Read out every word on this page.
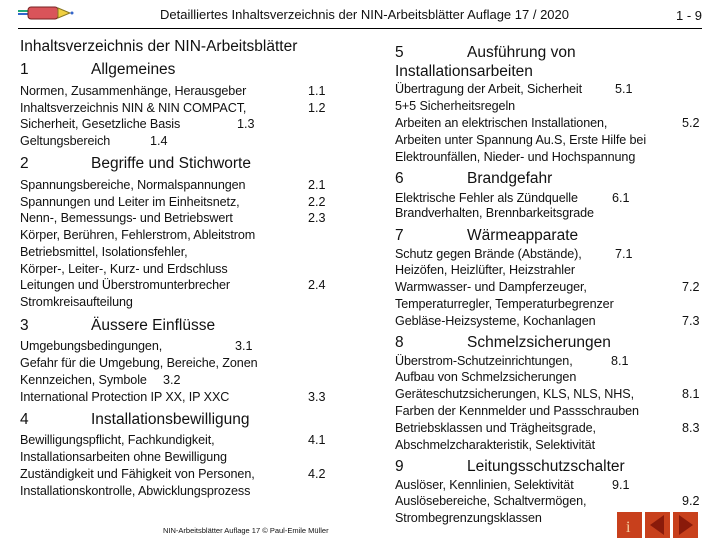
Detailliertes Inhaltsverzeichnis der NIN-Arbeitsblätter Auflage 17 / 2020	1 - 9
Inhaltsverzeichnis der NIN-Arbeitsblätter
1	Allgemeines
Normen, Zusammenhänge, Herausgeber	1.1
Inhaltsverzeichnis NIN & NIN COMPACT,	1.2
Sicherheit, Gesetzliche Basis	1.3
Geltungsbereich	1.4
2	Begriffe und Stichworte
Spannungsbereiche, Normalspannungen	2.1
Spannungen und Leiter im Einheitsnetz,	2.2
Nenn-, Bemessungs- und Betriebswert	2.3
Körper, Berühren, Fehlerstrom, Ableitstrom
Betriebsmittel, Isolationsfehler,
Körper-, Leiter-, Kurz- und Erdschluss
Leitungen und Überstromunterbrecher	2.4
Stromkreisaufteilung
3	Äussere Einflüsse
Umgebungsbedingungen,	3.1
Gefahr für die Umgebung, Bereiche, Zonen
Kennzeichen, Symbole 3.2
International Protection IP XX, IP XXC	3.3
4	Installationsbewilligung
Bewilligungspflicht, Fachkundigkeit,	4.1
Installationsarbeiten ohne Bewilligung
Zuständigkeit und Fähigkeit von Personen,	4.2
Installationskontrolle, Abwicklungsprozess
5	Ausführung von
Installationsarbeiten
Übertragung der Arbeit, Sicherheit	5.1
5+5 Sicherheitsregeln
Arbeiten an elektrischen Installationen,	5.2
Arbeiten unter Spannung Au.S, Erste Hilfe bei
Elektrounfällen, Nieder- und Hochspannung
6	Brandgefahr
Elektrische Fehler als Zündquelle	6.1
Brandverhalten, Brennbarkeitsgrade
7	Wärmeapparate
Schutz gegen Brände (Abstände),	7.1
Heizöfen, Heizlüfter, Heizstrahler
Warmwasser- und Dampferzeuger,	7.2
Temperaturregler, Temperaturbegrenzer
Gebläse-Heizsysteme, Kochanlagen	7.3
8	Schmelzsicherungen
Überstrom-Schutzeinrichtungen,	8.1
Aufbau von Schmelzsicherungen
Geräteschutzsicherungen, KLS, NLS, NHS,	8.1
Farben der Kennmelder und Passschrauben
Betriebsklassen und Trägheitsgrade,	8.3
Abschmelzcharakteristik, Selektivität
9	Leitungsschutzschalter
Auslöser, Kennlinien, Selektivität	9.1
Auslösebereiche, Schaltvermögen,	9.2
Strombegrenzungsklassen
NIN-Arbeitsblätter Auflage 17 © Paul-Emile Müller	i
